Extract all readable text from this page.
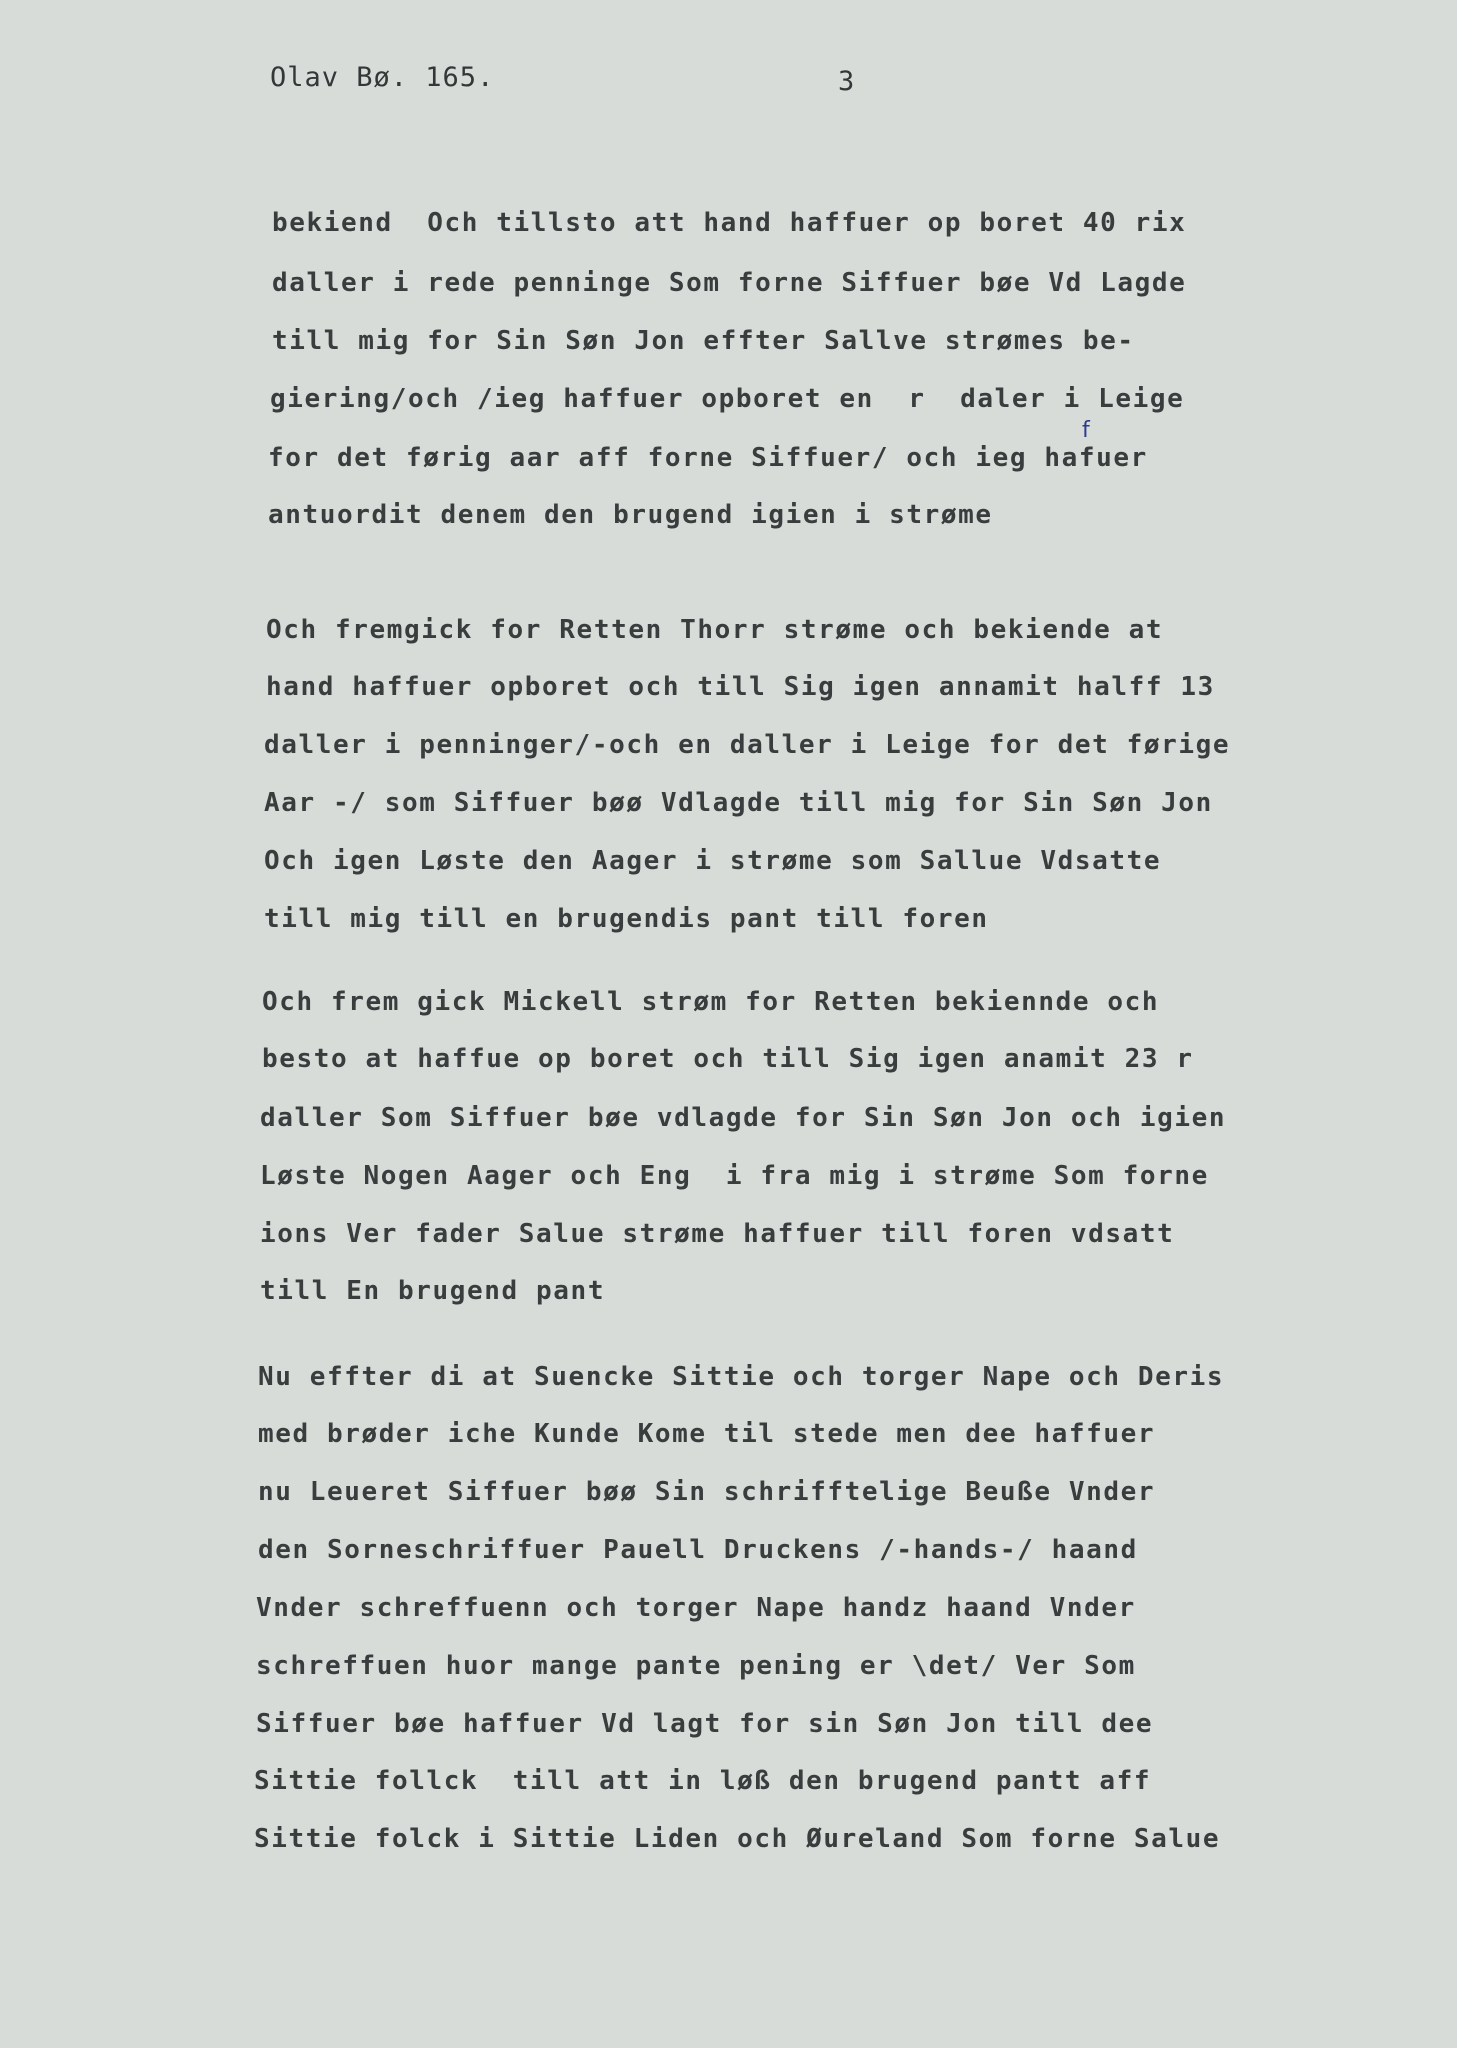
Olav Bø. 165.	3
bekiend  Och tillsto att hand haffuer op boret 40 rix
daller i rede penninge Som forne Siffuer bøe Vd Lagde
till mig for Sin Søn Jon effter Sallve strømes be-
giering/och /ieg haffuer opboret en  r  daler i Leige
f
for det førig aar aff forne Siffuer/ och ieg hafuer
antuordit denem den brugend igien i strøme
Och fremgick for Retten Thorr strøme och bekiende at
hand haffuer opboret och till Sig igen annamit halff 13
daller i penninger/-och en daller i Leige for det førige
Aar -/ som Siffuer bøø Vdlagde till mig for Sin Søn Jon
Och igen Løste den Aager i strøme som Sallue Vdsatte
till mig till en brugendis pant till foren
Och frem gick Mickell strøm for Retten bekiennde och
besto at haffue op boret och till Sig igen anamit 23 r
daller Som Siffuer bøe vdlagde for Sin Søn Jon och igien
Løste Nogen Aager och Eng  i fra mig i strøme Som forne
ions Ver fader Salue strøme haffuer till foren vdsatt
till En brugend pant
Nu effter di at Suencke Sittie och torger Nape och Deris
med brøder iche Kunde Kome til stede men dee haffuer
nu Leueret Siffuer bøø Sin schrifftelige Beuße Vnder
den Sorneschriffuer Pauell Druckens /-hands-/ haand
Vnder schreffuenn och torger Nape handz haand Vnder
schreffuen huor mange pante pening er \det/ Ver Som
Siffuer bøe haffuer Vd lagt for sin Søn Jon till dee
Sittie follck  till att in løß den brugend pantt aff
Sittie folck i Sittie Liden och Øureland Som forne Salue
